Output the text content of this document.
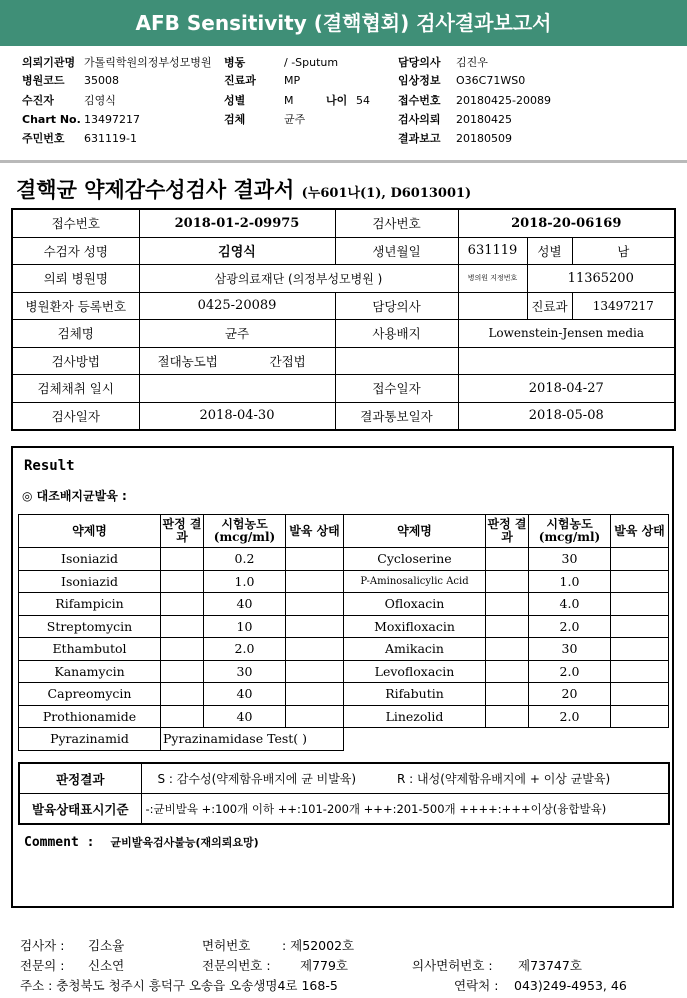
AFB Sensitivity (결핵협회) 검사결과보고서
의뢰기관명 가톨릭학원의정부성모병원 병동	/ -Sputum	담당의사 김진우
병원코드 35008	진료과	MP	임상정보 O36C71WS0
수진자	김영식	성별	M	나이 54	접수번호 20180425-20089
Chart No. 13497217	검체	균주	검사의뢰 20180425
주민번호 631119-1	결과보고 20180509
결핵균 약제감수성검사 결과서 (누601나(1), D6013001)
접수번호	2018-01-2-09975	검사번호	2018-20-06169		
수검자 성명	김영식	생년월일	631119	성별	남
의뢰 병원명	삼광의료재단 (의정부성모병원 )		병의원 지정번호	11365200	
병원환자 등록번호	0425-20089	담당의사		진료과	13497217
검체명	균주	사용배지	Lowenstein-Jensen media		
검사방법	절대농도법 간접법				
검체채취 일시		접수일자	2018-04-27		
검사일자	2018-04-30	결과통보일자	2018-05-08		
Result
◎ 대조배지균발육 :
약제명	판정 결과	시험농도 (mcg/ml)	발육 상태	약제명	판정 결과	시험농도 (mcg/ml)	발육 상태
Isoniazid		0.2		Cycloserine		30	
Isoniazid		1.0		P-Aminosalicylic Acid		1.0	
Rifampicin		40		Ofloxacin		4.0	
Streptomycin		10		Moxifloxacin		2.0	
Ethambutol		2.0		Amikacin		30	
Kanamycin		30		Levofloxacin		2.0	
Capreomycin		40		Rifabutin		20	
Prothionamide		40		Linezolid		2.0	
Pyrazinamid	Pyrazinamidase Test( )						
판정결과	S : 감수성(약제함유배지에 균 비발육)	R : 내성(약제함유배지에 + 이상 균발육)
발육상태표시기준	-:균비발육 +:100개 이하 ++:101-200개 +++:201-500개 ++++:+++이상(융합발육)	
Comment : 균비발육검사불능(재의뢰요망)
검사자 : 김소율	면허번호	: 제52002호
전문의 : 신소연	전문의번호 : 제779호	의사면허번호 : 제73747호
주소 : 충청북도 청주시 흥덕구 오송읍 오송생명4로 168-5	연락처 : 043)249-4953, 46
